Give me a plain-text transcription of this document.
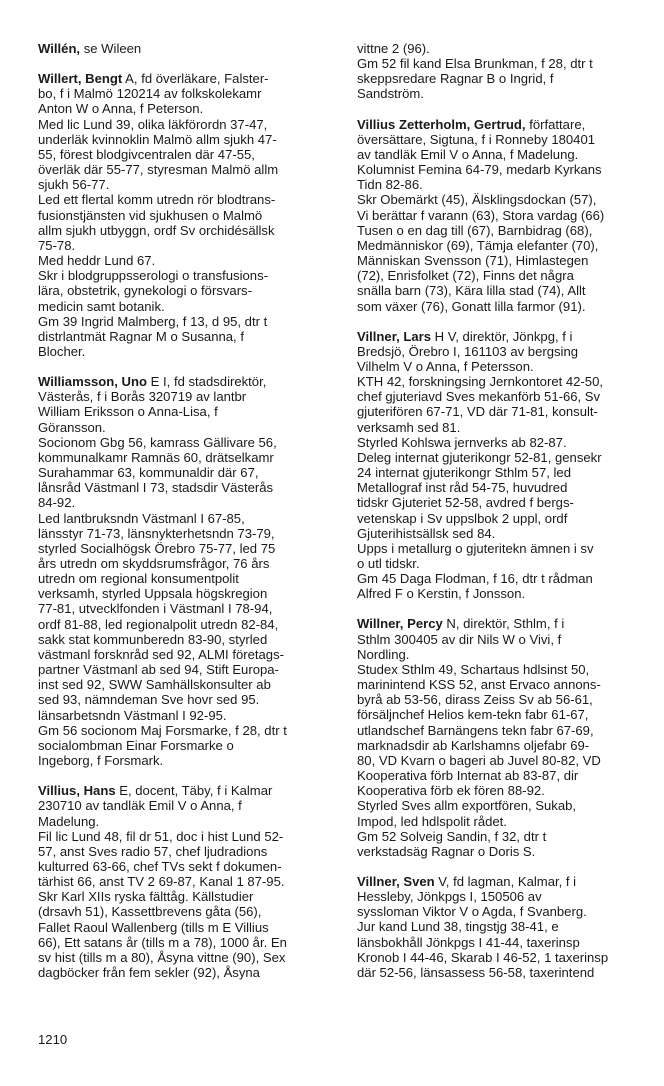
Willén, se Wileen
Willert, Bengt A, fd överläkare, Falster-
bo, f i Malmö 120214 av folkskolekamr
Anton W o Anna, f Peterson.
Med lic Lund 39, olika läkförordn 37-47,
underläk kvinnoklin Malmö allm sjukh 47-
55, förest blodgivcentralen där 47-55,
överläk där 55-77, styresman Malmö allm
sjukh 56-77.
Led ett flertal komm utredn rör blodtrans-
fusionstjänsten vid sjukhusen o Malmö
allm sjukh utbyggn, ordf Sv orchidésällsk
75-78.
Med heddr Lund 67.
Skr i blodgruppsserologi o transfusions-
lära, obstetrik, gynekologi o försvars-
medicin samt botanik.
Gm 39 Ingrid Malmberg, f 13, d 95, dtr t
distrlantmät Ragnar M o Susanna, f
Blocher.
Williamsson, Uno E I, fd stadsdirektör,
Västerås, f i Borås 320719 av lantbr
William Eriksson o Anna-Lisa, f
Göransson.
Socionom Gbg 56, kamrass Gällivare 56,
kommunalkamr Ramnäs 60, drätselkamr
Surahammar 63, kommunaldir där 67,
lånsråd Västmanl I 73, stadsdir Västerås
84-92.
Led lantbruksndn Västmanl I 67-85,
länsstyr 71-73, länsnykterhetsndn 73-79,
styrled Socialhögsk Örebro 75-77, led 75
års utredn om skyddsrumsfrågor, 76 års
utredn om regional konsumentpolit
verksamh, styrled Uppsala högskregion
77-81, utvecklfonden i Västmanl I 78-94,
ordf 81-88, led regionalpolit utredn 82-84,
sakk stat kommunberedn 83-90, styrled
västmanl forsknråd sed 92, ALMI företags-
partner Västmanl ab sed 94, Stift Europa-
inst sed 92, SWW Samhällskonsulter ab
sed 93, nämndeman Sve hovr sed 95.
länsarbetsndn Västmanl I 92-95.
Gm 56 socionom Maj Forsmarke, f 28, dtr t
socialombman Einar Forsmarke o
Ingeborg, f Forsmark.
Villius, Hans E, docent, Täby, f i Kalmar
230710 av tandläk Emil V o Anna, f
Madelung.
Fil lic Lund 48, fil dr 51, doc i hist Lund 52-
57, anst Sves radio 57, chef ljudradions
kulturred 63-66, chef TVs sekt f dokumen-
tärhist 66, anst TV 2 69-87, Kanal 1 87-95.
Skr Karl XIIs ryska fälttåg. Källstudier
(drsavh 51), Kassettbrevens gåta (56),
Fallet Raoul Wallenberg (tills m E Villius
66), Ett satans år (tills m a 78), 1000 år. En
sv hist (tills m a 80), Åsyna vittne (90), Sex
dagböcker från fem sekler (92), Åsyna
vittne 2 (96).
Gm 52 fil kand Elsa Brunkman, f 28, dtr t
skeppsredare Ragnar B o Ingrid, f
Sandström.
Villius Zetterholm, Gertrud, författare,
översättare, Sigtuna, f i Ronneby 180401
av tandläk Emil V o Anna, f Madelung.
Kolumnist Femina 64-79, medarb Kyrkans
Tidn 82-86.
Skr Obemärkt (45), Älsklingsdockan (57),
Vi berättar f varann (63), Stora vardag (66)
Tusen o en dag till (67), Barnbidrag (68),
Medmänniskor (69), Tämja elefanter (70),
Människan Svensson (71), Himlastegen
(72), Enrisfolket (72), Finns det några
snälla barn (73), Kära lilla stad (74), Allt
som växer (76), Gonatt lilla farmor (91).
Villner, Lars H V, direktör, Jönkpg, f i
Bredsjö, Örebro I, 161103 av bergsing
Vilhelm V o Anna, f Petersson.
KTH 42, forskningsing Jernkontoret 42-50,
chef gjuteriavd Sves mekanförb 51-66, Sv
gjuterifören 67-71, VD där 71-81, konsult-
verksamh sed 81.
Styrled Kohlswa jernverks ab 82-87.
Deleg internat gjuterikongr 52-81, gensekr
24 internat gjuterikongr Sthlm 57, led
Metallograf inst råd 54-75, huvudred
tidskr Gjuteriet 52-58, avdred f bergs-
vetenskap i Sv uppslbok 2 uppl, ordf
Gjuterihistsällsk sed 84.
Upps i metallurg o gjuteritekn ämnen i sv
o utl tidskr.
Gm 45 Daga Flodman, f 16, dtr t rådman
Alfred F o Kerstin, f Jonsson.
Willner, Percy N, direktör, Sthlm, f i
Sthlm 300405 av dir Nils W o Vivi, f
Nordling.
Studex Sthlm 49, Schartaus hdlsinst 50,
marinintend KSS 52, anst Ervaco annons-
byrå ab 53-56, dirass Zeiss Sv ab 56-61,
försäljnchef Helios kem-tekn fabr 61-67,
utlandschef Barnängens tekn fabr 67-69,
marknadsdir ab Karlshamns oljefabr 69-
80, VD Kvarn o bageri ab Juvel 80-82, VD
Kooperativa förb Internat ab 83-87, dir
Kooperativa förb ek fören 88-92.
Styrled Sves allm exportfören, Sukab,
Impod, led hdlspolit rådet.
Gm 52 Solveig Sandin, f 32, dtr t
verkstadsäg Ragnar o Doris S.
Villner, Sven V, fd lagman, Kalmar, f i
Hessleby, Jönkpgs I, 150506 av
sysslоman Viktor V o Agda, f Svanberg.
Jur kand Lund 38, tingstjg 38-41, e
länsbokhåll Jönkpgs I 41-44, taxerinsp
Kronob I 44-46, Skarab I 46-52, 1 taxerinsp
där 52-56, länsassess 56-58, taxerintend
1210
